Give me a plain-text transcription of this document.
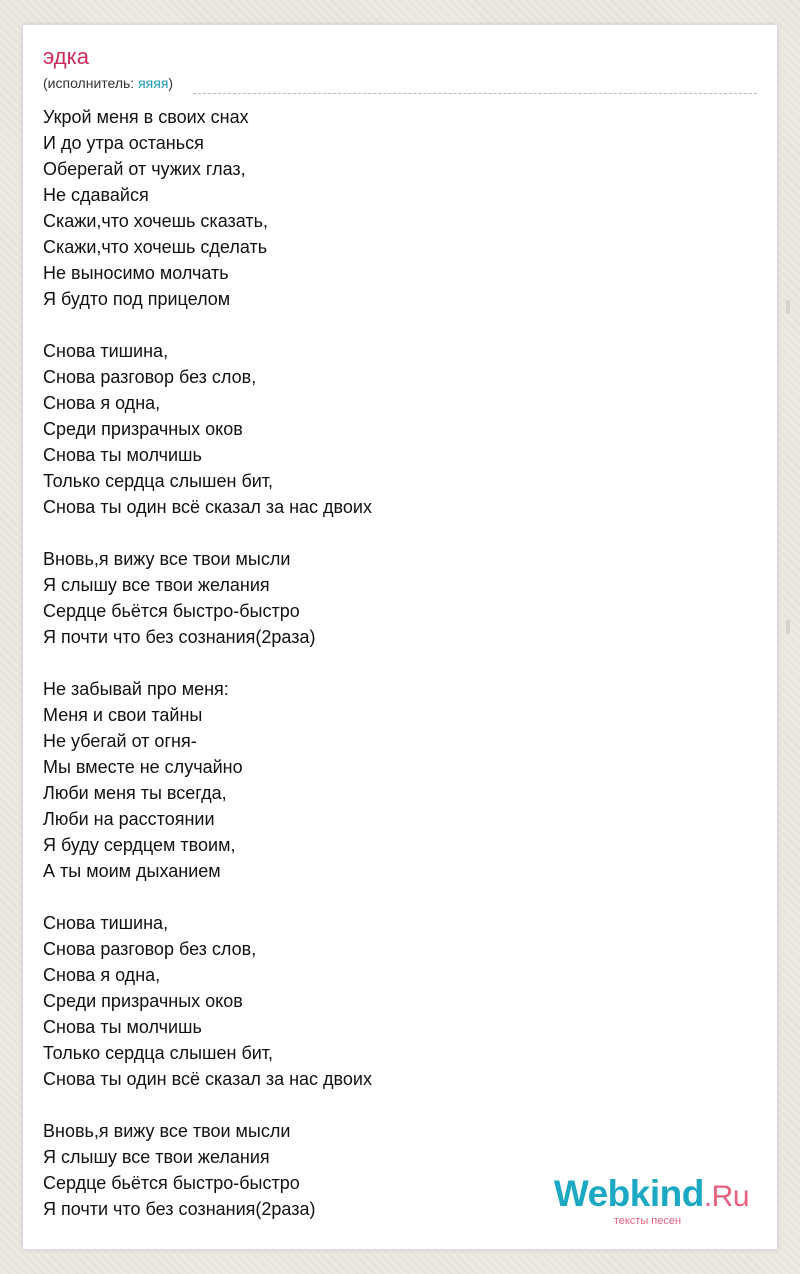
эдка
(исполнитель: яяяя)
Укрой меня в своих снах
И до утра останься
Оберегай от чужих глаз,
Не сдавайся
Скажи,что хочешь сказать,
Скажи,что хочешь сделать
Не выносимо молчать
Я будто под прицелом
Снова тишина,
Снова разговор без слов,
Снова я одна,
Среди призрачных оков
Снова ты молчишь
Только сердца слышен бит,
Снова ты один всё сказал за нас двоих
Вновь,я вижу все твои мысли
Я слышу все твои желания
Сердце бьётся быстро-быстро
Я почти что без сознания(2раза)
Не забывай про меня:
Меня и свои тайны
Не убегай от огня-
Мы вместе не случайно
Люби меня ты всегда,
Люби на расстоянии
Я буду сердцем твоим,
А ты моим дыханием
Снова тишина,
Снова разговор без слов,
Снова я одна,
Среди призрачных оков
Снова ты молчишь
Только сердца слышен бит,
Снова ты один всё сказал за нас двоих
Вновь,я вижу все твои мысли
Я слышу все твои желания
Сердце бьётся быстро-быстро
Я почти что без сознания(2раза)	Webkind.Ru
тексты песен
